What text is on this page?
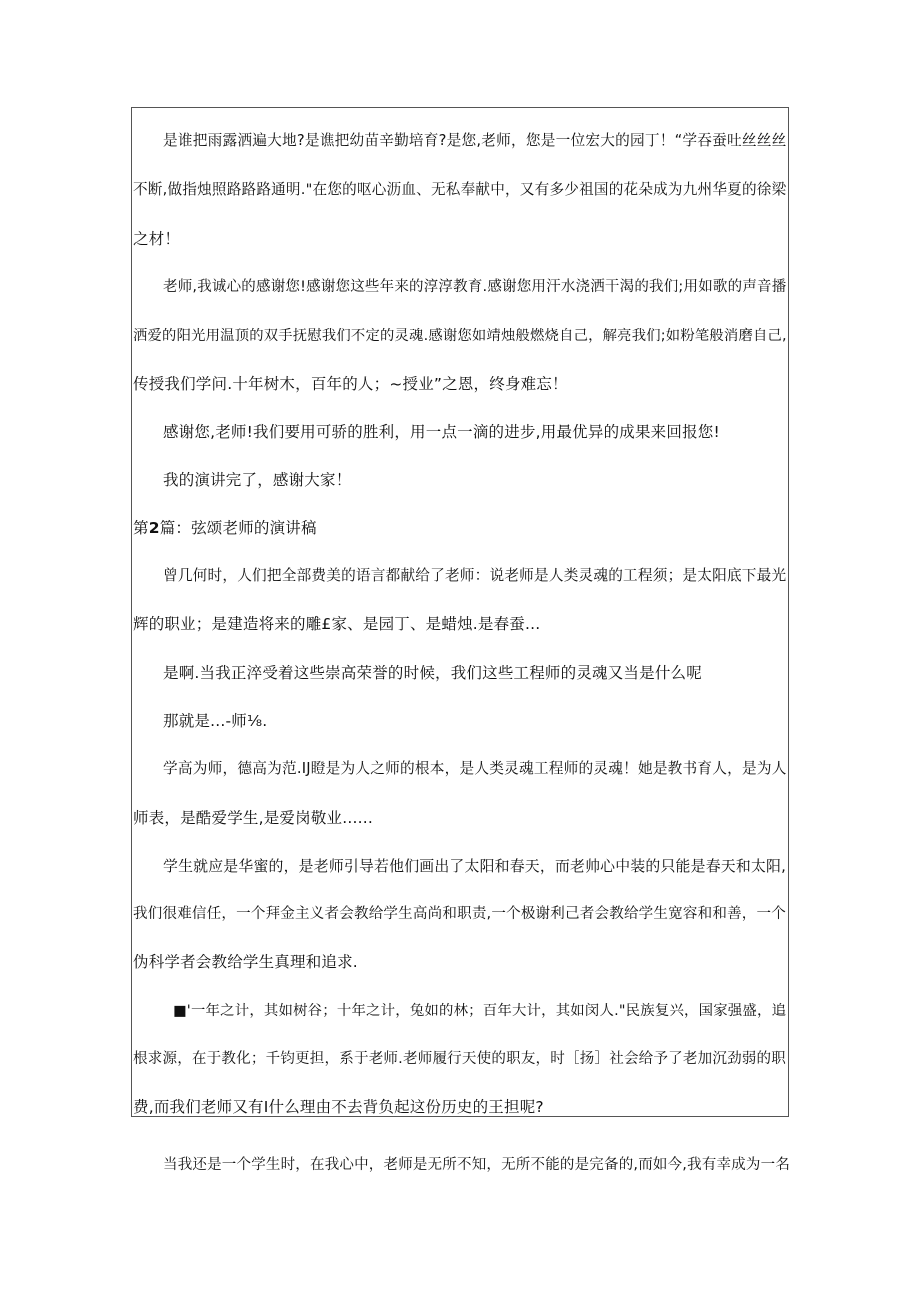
是谁把雨露洒遍大地?是谯把幼苗辛勤培育?是您,老师，您是一位宏大的园丁！“学吞蚕吐丝丝丝
不断,做指烛照路路路通明."在您的呕心沥血、无私奉献中，又有多少祖国的花朵成为九州华夏的徐梁
之材！
老师,我诚心的感谢您!感谢您这些年来的淳淳教育.感谢您用汗水浇洒干渴的我们;用如歌的声音播
洒爱的阳光用温顶的双手抚慰我们不定的灵魂.感谢您如靖烛般燃烧自己，解亮我们;如粉笔般消磨自己,
传授我们学问.十年树木，百年的人；~授业”之恩，终身难忘！
感谢您,老师!我们要用可骄的胜利，用一点一滴的进步,用最优异的成果来回报您!
我的演讲完了，感谢大家！
第2篇：弦颂老师的演讲稿
曾几何时，人们把全部费美的语言都献给了老师：说老师是人类灵魂的工程须；是太阳底下最光
辉的职业；是建造将来的雕£家、是园丁、是蜡烛.是春蚕...
是啊.当我正淬受着这些崇高荣誉的时候，我们这些工程师的灵魂又当是什么呢
那就是...-师⅛.
学高为师，德高为范.IJ瞪是为人之师的根本，是人类灵魂工程师的灵魂！她是教书育人，是为人
师表，是酷爱学生,是爱岗敬业......
学生就应是华蜜的，是老师引导若他们画出了太阳和春天，而老帅心中装的只能是春天和太阳,
我们很难信任，一个拜金主义者会教给学生高尚和职责,一个极谢利己者会教给学生宽容和和善，一个
伪科学者会教给学生真理和追求.
■'一年之计，其如树谷；十年之计，兔如的林；百年大计，其如闵人."民族复兴，国家强盛，追
根求源，在于教化；千钧更担，系于老师.老师履行天使的职友，时［扬］社会给予了老加沉劲弱的职
费,而我们老师又有I什么理由不去背负起这份历史的王担呢?
当我还是一个学生时，在我心中，老师是无所不知，无所不能的是完备的,而如今,我有幸成为一名
